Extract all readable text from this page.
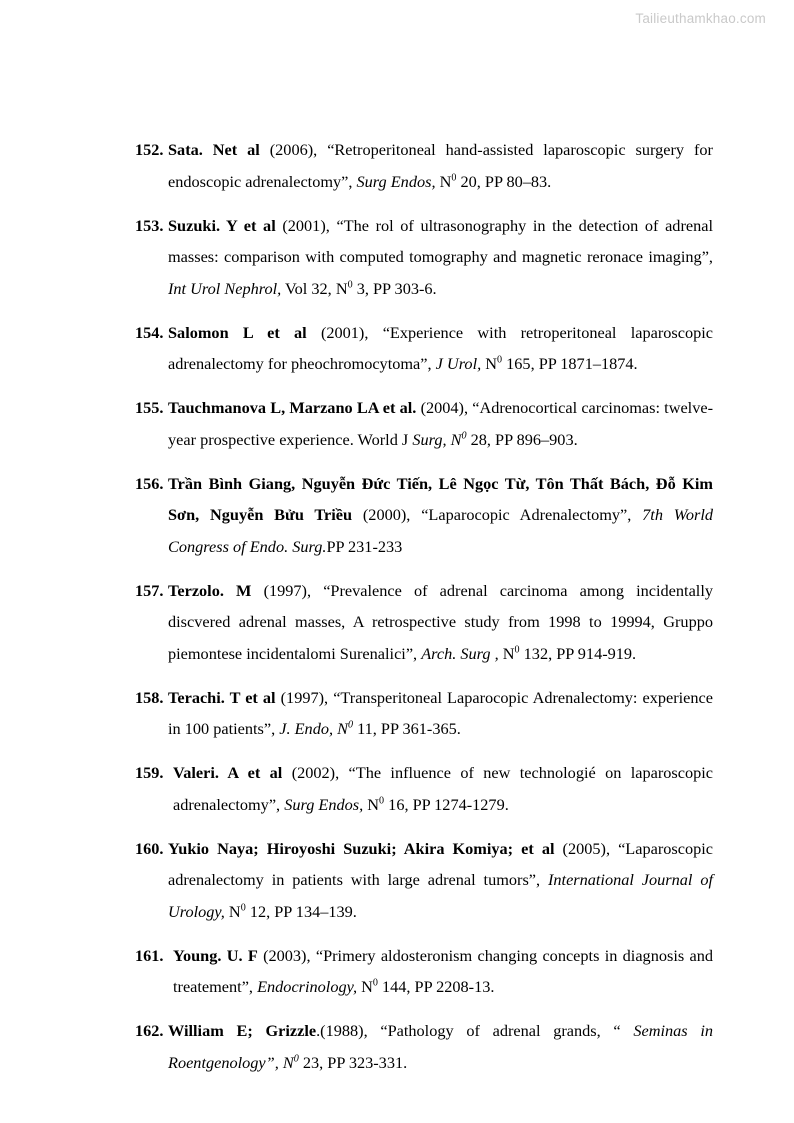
Tailieuthamkhao.com
152. Sata. Net al (2006), “Retroperitoneal hand-assisted laparoscopic surgery for endoscopic adrenalectomy”, Surg Endos, $N^0$ 20, PP 80–83.
153. Suzuki. Y et al (2001), “The rol of ultrasonography in the detection of adrenal masses: comparison with computed tomography and magnetic reronace imaging”, Int Urol Nephrol, Vol 32, $N^0$ 3, PP 303-6.
154. Salomon L et al (2001), “Experience with retroperitoneal laparoscopic adrenalectomy for pheochromocytoma”, J Urol, $N^0$ 165, PP 1871–1874.
155. Tauchmanova L, Marzano LA et al. (2004), “Adrenocortical carcinomas: twelve-year prospective experience. World J Surg, $N^0$ 28, PP 896–903.
156. Trần Bình Giang, Nguyễn Đức Tiến, Lê Ngọc Từ, Tôn Thất Bách, Đỗ Kim Sơn, Nguyễn Bửu Triều (2000), “Laparocopic Adrenalectomy”, 7th World Congress of Endo. Surg.PP 231-233
157. Terzolo. M (1997), “Prevalence of adrenal carcinoma among incidentally discvered adrenal masses, A retrospective study from 1998 to 19994, Gruppo piemontese incidentalomi Surenalici”, Arch. Surg , $N^0$ 132, PP 914-919.
158. Terachi. T et al (1997), “Transperitoneal Laparocopic Adrenalectomy: experience in 100 patients”, J. Endo, $N^0$ 11, PP 361-365.
159. Valeri. A et al (2002), “The influence of new technologié on laparoscopic adrenalectomy”, Surg Endos, $N^0$ 16, PP 1274-1279.
160. Yukio Naya; Hiroyoshi Suzuki; Akira Komiya; et al (2005), “Laparoscopic adrenalectomy in patients with large adrenal tumors”, International Journal of Urology, $N^0$ 12, PP 134–139.
161. Young. U. F (2003), “Primery aldosteronism changing concepts in diagnosis and treatement”, Endocrinology, $N^0$ 144, PP 2208-13.
162. William E; Grizzle.(1988), “Pathology of adrenal grands, “ Seminas in Roentgenology”, $N^0$ 23, PP 323-331.
